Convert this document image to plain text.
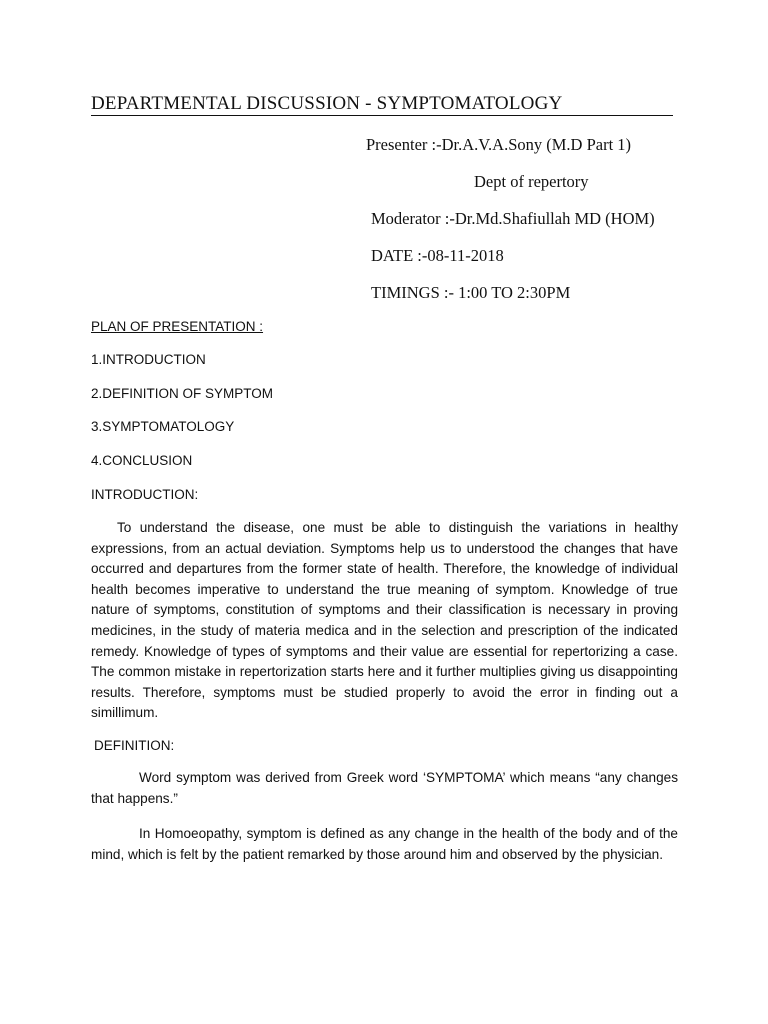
DEPARTMENTAL DISCUSSION - SYMPTOMATOLOGY
Presenter :-Dr.A.V.A.Sony (M.D Part 1)
Dept of repertory
Moderator :-Dr.Md.Shafiullah MD (HOM)
DATE :-08-11-2018
TIMINGS :- 1:00 TO 2:30PM
PLAN OF PRESENTATION :
1.INTRODUCTION
2.DEFINITION OF SYMPTOM
3.SYMPTOMATOLOGY
4.CONCLUSION
INTRODUCTION:
To understand the disease, one must be able to distinguish the variations in healthy expressions, from an actual deviation. Symptoms help us to understood the changes that have occurred and departures from the former state of health. Therefore, the knowledge of individual health becomes imperative to understand the true meaning of symptom. Knowledge of true nature of symptoms, constitution of symptoms and their classification is necessary in proving medicines, in the study of materia medica and in the selection and prescription of the indicated remedy. Knowledge of types of symptoms and their value are essential for repertorizing a case. The common mistake in repertorization starts here and it further multiplies giving us disappointing results. Therefore, symptoms must be studied properly to avoid the error in finding out a simillimum.
DEFINITION:
Word symptom was derived from Greek word ‘SYMPTOMA’ which means “any changes that happens.”
In Homoeopathy, symptom is defined as any change in the health of the body and of the mind, which is felt by the patient remarked by those around him and observed by the physician.
